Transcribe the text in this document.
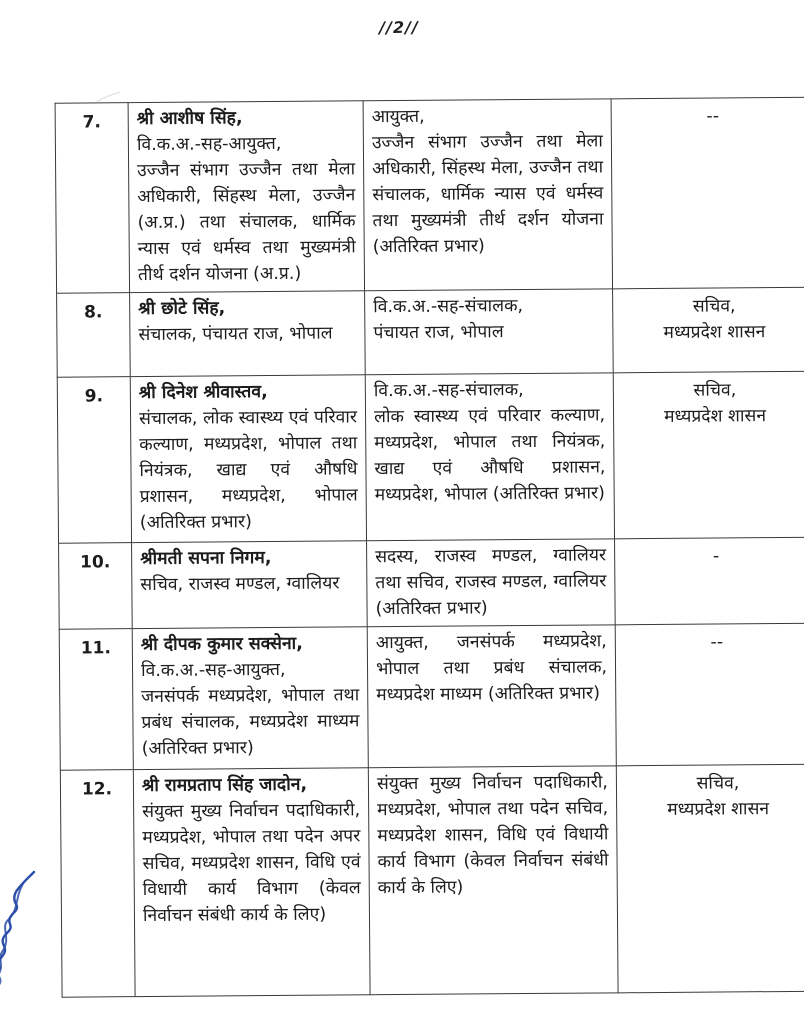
//2//
7.	श्री आशीष सिंह,
वि.क.अ.-सह-आयुक्त,
उज्जैन संभाग उज्जैन तथा मेला अधिकारी, सिंहस्थ मेला, उज्जैन (अ.प्र.) तथा संचालक, धार्मिक न्यास एवं धर्मस्व तथा मुख्यमंत्री तीर्थ दर्शन योजना (अ.प्र.)

आयुक्त,
उज्जैन संभाग उज्जैन तथा मेला अधिकारी, सिंहस्थ मेला, उज्जैन तथा संचालक, धार्मिक न्यास एवं धर्मस्व तथा मुख्यमंत्री तीर्थ दर्शन योजना (अतिरिक्त प्रभार)
	--
8.	श्री छोटे सिंह,
संचालक, पंचायत राज, भोपाल

वि.क.अ.-सह-संचालक,
पंचायत राज, भोपाल
	सचिव,
मध्यप्रदेश शासन
9.	श्री दिनेश श्रीवास्तव,
संचालक, लोक स्वास्थ्य एवं परिवार कल्याण, मध्यप्रदेश, भोपाल तथा नियंत्रक, खाद्य एवं औषधि प्रशासन, मध्यप्रदेश, भोपाल (अतिरिक्त प्रभार)

वि.क.अ.-सह-संचालक,
लोक स्वास्थ्य एवं परिवार कल्याण, मध्यप्रदेश, भोपाल तथा नियंत्रक, खाद्य एवं औषधि प्रशासन, मध्यप्रदेश, भोपाल (अतिरिक्त प्रभार)
	सचिव,
मध्यप्रदेश शासन
10.	श्रीमती सपना निगम,
सचिव, राजस्व मण्डल, ग्वालियर	सदस्य, राजस्व मण्डल, ग्वालियर तथा सचिव, राजस्व मण्डल, ग्वालियर (अतिरिक्त प्रभार)	-
11.	श्री दीपक कुमार सक्सेना,
वि.क.अ.-सह-आयुक्त,
जनसंपर्क मध्यप्रदेश, भोपाल तथा प्रबंध संचालक, मध्यप्रदेश माध्यम (अतिरिक्त प्रभार)	आयुक्त, जनसंपर्क मध्यप्रदेश, भोपाल तथा प्रबंध संचालक, मध्यप्रदेश माध्यम (अतिरिक्त प्रभार)	--
12.	श्री रामप्रताप सिंह जादोन,
संयुक्त मुख्य निर्वाचन पदाधिकारी, मध्यप्रदेश, भोपाल तथा पदेन अपर सचिव, मध्यप्रदेश शासन, विधि एवं विधायी कार्य विभाग (केवल निर्वाचन संबंधी कार्य के लिए)

संयुक्त मुख्य निर्वाचन पदाधिकारी, मध्यप्रदेश, भोपाल तथा पदेन सचिव, मध्यप्रदेश शासन, विधि एवं विधायी कार्य विभाग (केवल निर्वाचन संबंधी कार्य के लिए)
	सचिव,
मध्यप्रदेश शासन
